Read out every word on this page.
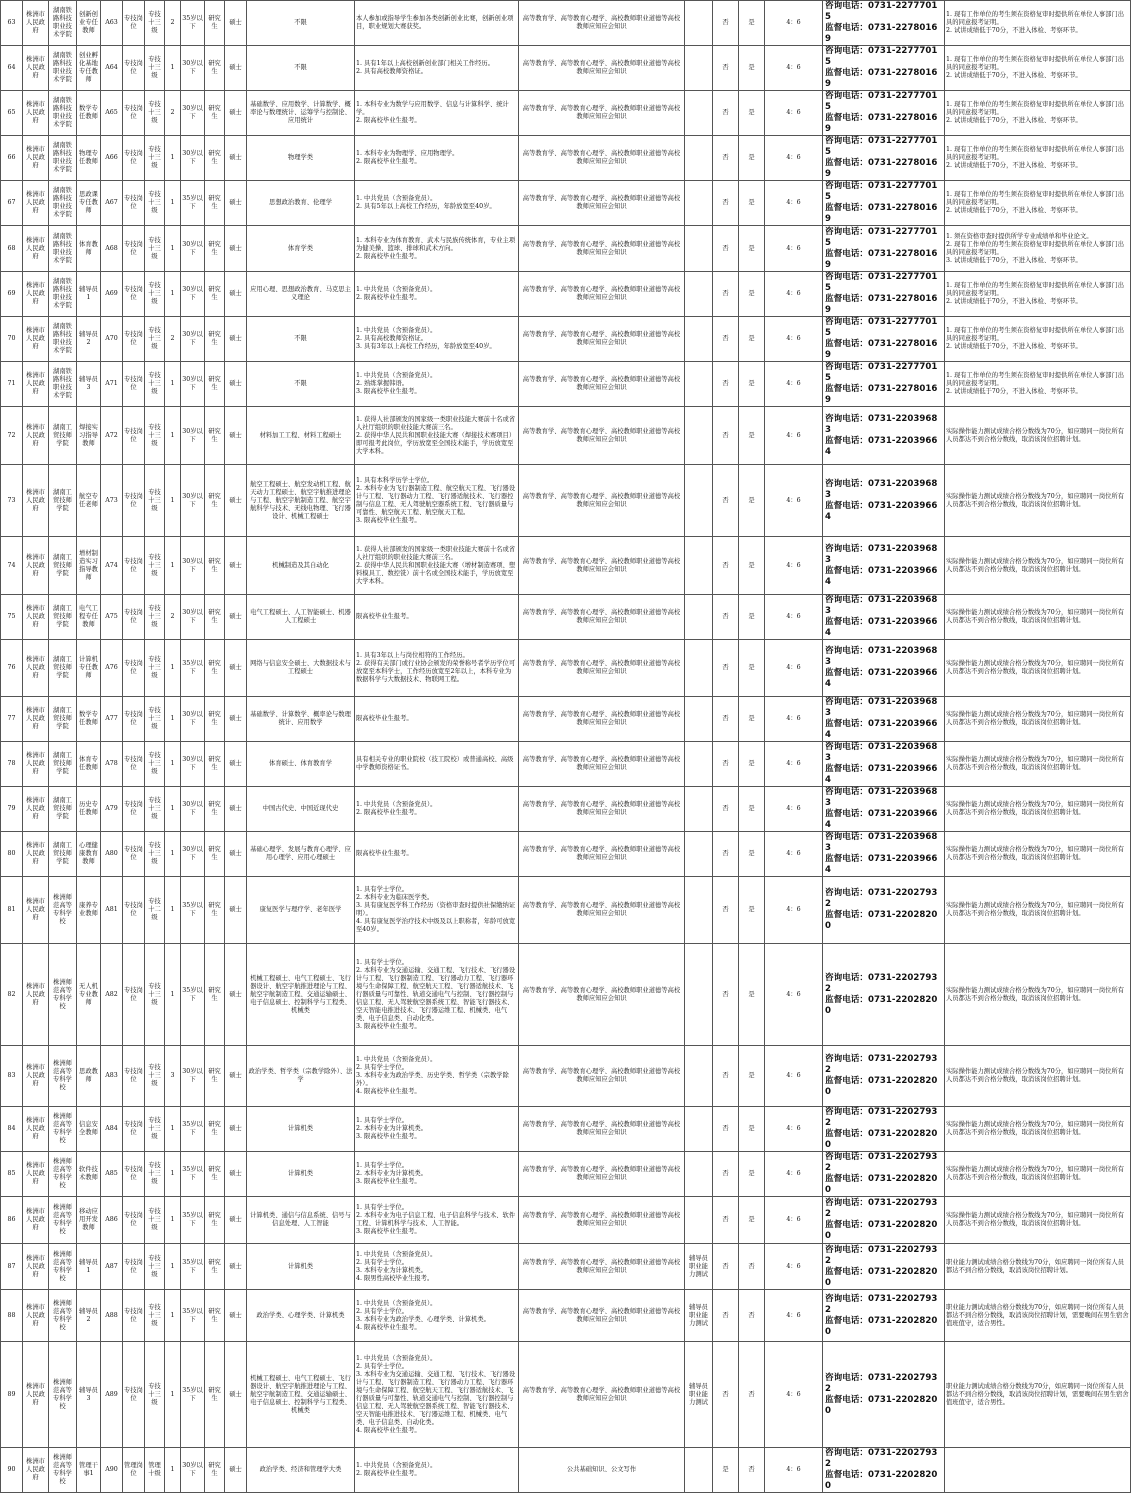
63	株洲市人民政府	湖南铁路科技职业技术学院	创新创业专任教师	A63	专技岗位	专技十三级	2	35岁以下	研究生	硕士	不限	本人参加或指导学生参加各类创新创业比赛，创新创业项目，职业规划大赛获奖。	高等教育学、高等教育心理学、高校教师职业道德等高校教师应知应会知识		否	是	4：6	咨询电话：0731-22777015
监督电话：0731-22780169	1. 现有工作单位的考生须在资格复审时提供所在单位人事部门出具的同意报考证明。
2. 试讲成绩低于70分，不进入体检、考察环节。

64	株洲市人民政府	湖南铁路科技职业技术学院	创业孵化基地专任教师	A64	专技岗位	专技十三级	1	30岁以下	研究生	硕士	不限	1. 具有1年以上高校创新创业部门相关工作经历。
2. 具有高校教师资格证。	高等教育学、高等教育心理学、高校教师职业道德等高校教师应知应会知识		否	是	4：6	咨询电话：0731-22777015
监督电话：0731-22780169	1. 现有工作单位的考生须在资格复审时提供所在单位人事部门出具的同意报考证明。
2. 试讲成绩低于70分，不进入体检、考察环节。

65	株洲市人民政府	湖南铁路科技职业技术学院	数学专任教师	A65	专技岗位	专技十三级	2	30岁以下	研究生	硕士	基础数学、应用数学、计算数学、概率论与数理统计、运筹学与控制论、应用统计	1. 本科专业为数学与应用数学、信息与计算科学、统计学。
2. 限高校毕业生报考。	高等教育学、高等教育心理学、高校教师职业道德等高校教师应知应会知识		否	是	4：6	咨询电话：0731-22777015
监督电话：0731-22780169	1. 现有工作单位的考生须在资格复审时提供所在单位人事部门出具的同意报考证明。
2. 试讲成绩低于70分，不进入体检、考察环节。

66	株洲市人民政府	湖南铁路科技职业技术学院	物理专任教师	A66	专技岗位	专技十三级	1	30岁以下	研究生	硕士	物理学类	1. 本科专业为物理学、应用物理学。
2. 限高校毕业生报考。	高等教育学、高等教育心理学、高校教师职业道德等高校教师应知应会知识		否	是	4：6	咨询电话：0731-22777015
监督电话：0731-22780169	1. 现有工作单位的考生须在资格复审时提供所在单位人事部门出具的同意报考证明。
2. 试讲成绩低于70分，不进入体检、考察环节。

67	株洲市人民政府	湖南铁路科技职业技术学院	思政课专任教师	A67	专技岗位	专技十三级	1	35岁以下	研究生	硕士	思想政治教育、伦理学	1. 中共党员（含预备党员）。
2. 具有5年以上高校工作经历，年龄放宽至40岁。	高等教育学、高等教育心理学、高校教师职业道德等高校教师应知应会知识		否	是	4：6	咨询电话：0731-22777015
监督电话：0731-22780169	1. 现有工作单位的考生须在资格复审时提供所在单位人事部门出具的同意报考证明。
2. 试讲成绩低于70分，不进入体检、考察环节。

68	株洲市人民政府	湖南铁路科技职业技术学院	体育教师	A68	专技岗位	专技十三级	1	30岁以下	研究生	硕士	体育学类	1. 本科专业为体育教育、武术与民族传统体育，专业主项为健美操、篮球、排球和武术方向。
2. 限高校毕业生报考。	高等教育学、高等教育心理学、高校教师职业道德等高校教师应知应会知识		否	是	4：6	咨询电话：0731-22777015
监督电话：0731-22780169	1. 须在资格审查时提供所学专业成绩单和毕业论文。
2. 现有工作单位的考生须在资格复审时提供所在单位人事部门出具的同意报考证明。
3. 试讲成绩低于70分，不进入体检、考察环节。

69	株洲市人民政府	湖南铁路科技职业技术学院	辅导员1	A69	专技岗位	专技十三级	1	30岁以下	研究生	硕士	应用心理、思想政治教育、马克思主义理论	1. 中共党员（含预备党员）。
2. 限高校毕业生报考。	高等教育学、高等教育心理学、高校教师职业道德等高校教师应知应会知识		否	是	4：6	咨询电话：0731-22777015
监督电话：0731-22780169	1. 现有工作单位的考生须在资格复审时提供所在单位人事部门出具的同意报考证明。
2. 试讲成绩低于70分，不进入体检、考察环节。

70	株洲市人民政府	湖南铁路科技职业技术学院	辅导员2	A70	专技岗位	专技十三级	2	30岁以下	研究生	硕士	不限	1. 中共党员（含预备党员）。
2. 具有高校教师资格证。
3. 具有3年以上高校工作经历，年龄放宽至40岁。	高等教育学、高等教育心理学、高校教师职业道德等高校教师应知应会知识		否	是	4：6	咨询电话：0731-22777015
监督电话：0731-22780169	1. 现有工作单位的考生须在资格复审时提供所在单位人事部门出具的同意报考证明。
2. 试讲成绩低于70分，不进入体检、考察环节。

71	株洲市人民政府	湖南铁路科技职业技术学院	辅导员3	A71	专技岗位	专技十三级	1	30岁以下	研究生	硕士	不限	1. 中共党员（含预备党员）。
2. 熟练掌握韩语。
3. 限高校毕业生报考。	高等教育学、高等教育心理学、高校教师职业道德等高校教师应知应会知识		否	是	4：6	咨询电话：0731-22777015
监督电话：0731-22780169	1. 现有工作单位的考生须在资格复审时提供所在单位人事部门出具的同意报考证明。
2. 试讲成绩低于70分，不进入体检、考察环节。

72	株洲市人民政府	湖南工贸技师学院	焊接实习指导教师	A72	专技岗位	专技十三级	1	30岁以下	研究生	硕士	材料加工工程、材料工程硕士	1. 获得人社部颁发的国家级一类职业技能大赛前十名或省人社厅组织的职业技能大赛前三名。
2. 获得中华人民共和国职业技能大赛（焊接技术赛项目）即可报考此岗位，学历放宽至全国技术能手，学历放宽至大学本科。	高等教育学、高等教育心理学、高校教师职业道德等高校教师应知应会知识		否	是	4：6	咨询电话：0731-22039683
监督电话：0731-22039664	实际操作能力测试成绩合格分数线为70分，如应聘同一岗位所有人员都达不到合格分数线，取消该岗位招聘计划。

73	株洲市人民政府	湖南工贸技师学院	航空专任老师	A73	专技岗位	专技十三级	1	30岁以下	研究生	硕士	航空工程硕士、航空发动机工程、航天动力工程硕士、航空宇航推进理论与工程、航空宇航制造工程、航空宇航科学与技术、无线电物理、飞行器设计、机械工程硕士	1. 具有本科学历学士学位。
2. 本科专业为飞行器制造工程、航空航天工程、飞行器设计与工程、飞行器动力工程、飞行器适航技术、飞行器控制与信息工程、无人驾驶航空器系统工程、飞行器质量与可靠性、航空航天工程、航空航天工程。
3. 限高校毕业生报考。	高等教育学、高等教育心理学、高校教师职业道德等高校教师应知应会知识		否	是	4：6	咨询电话：0731-22039683
监督电话：0731-22039664	实际操作能力测试成绩合格分数线为70分，如应聘同一岗位所有人员都达不到合格分数线，取消该岗位招聘计划。

74	株洲市人民政府	湖南工贸技师学院	增材制造实习指导教师	A74	专技岗位	专技十三级	1	30岁以下	研究生	硕士	机械制造及其自动化	1. 获得人社部颁发的国家级一类职业技能大赛前十名或省人社厅组织的职业技能大赛前三名。
2. 获得中华人民共和国职业技能大赛（增材制造赛项、塑料模具工、数控铣）前十名或全国技术能手，学历放宽至大学本科。	高等教育学、高等教育心理学、高校教师职业道德等高校教师应知应会知识		否	是	4：6	咨询电话：0731-22039683
监督电话：0731-22039664	实际操作能力测试成绩合格分数线为70分，如应聘同一岗位所有人员都达不到合格分数线，取消该岗位招聘计划。

75	株洲市人民政府	湖南工贸技师学院	电气工程专任教师	A75	专技岗位	专技十三级	2	30岁以下	研究生	硕士	电气工程硕士、人工智能硕士、机器人工程硕士	限高校毕业生报考。	高等教育学、高等教育心理学、高校教师职业道德等高校教师应知应会知识		否	是	4：6	咨询电话：0731-22039683
监督电话：0731-22039664	实际操作能力测试成绩合格分数线为70分，如应聘同一岗位所有人员都达不到合格分数线，取消该岗位招聘计划。

76	株洲市人民政府	湖南工贸技师学院	计算机专任教师	A76	专技岗位	专技十三级	1	35岁以下	研究生	硕士	网络与信息安全硕士、大数据技术与工程硕士	1. 具有3年以上与岗位相符的工作经历。
2. 获得有关部门或行业协会颁发的荣誉称号者学历学位可放宽至本科学士，工作经历放宽至2年以上，本科专业为数据科学与大数据技术、物联网工程。	高等教育学、高等教育心理学、高校教师职业道德等高校教师应知应会知识		否	是	4：6	咨询电话：0731-22039683
监督电话：0731-22039664	实际操作能力测试成绩合格分数线为70分，如应聘同一岗位所有人员都达不到合格分数线，取消该岗位招聘计划。

77	株洲市人民政府	湖南工贸技师学院	数学专任教师	A77	专技岗位	专技十三级	1	30岁以下	研究生	硕士	基础数学、计算数学、概率论与数理统计、应用数学	限高校毕业生报考。	高等教育学、高等教育心理学、高校教师职业道德等高校教师应知应会知识		否	是	4：6	咨询电话：0731-22039683
监督电话：0731-22039664	实际操作能力测试成绩合格分数线为70分，如应聘同一岗位所有人员都达不到合格分数线，取消该岗位招聘计划。

78	株洲市人民政府	湖南工贸技师学院	体育专任教师	A78	专技岗位	专技十三级	1	30岁以下	研究生	硕士	体育硕士、体育教育学	具有相关专业的职业院校（技工院校）或普通高校、高级中学教师资格证书。	高等教育学、高等教育心理学、高校教师职业道德等高校教师应知应会知识		否	是	4：6	咨询电话：0731-22039683
监督电话：0731-22039664	实际操作能力测试成绩合格分数线为70分，如应聘同一岗位所有人员都达不到合格分数线，取消该岗位招聘计划。

79	株洲市人民政府	湖南工贸技师学院	历史专任教师	A79	专技岗位	专技十三级	1	30岁以下	研究生	硕士	中国古代史、中国近现代史	1. 中共党员（含预备党员）。
2. 限高校毕业生报考。	高等教育学、高等教育心理学、高校教师职业道德等高校教师应知应会知识		否	是	4：6	咨询电话：0731-22039683
监督电话：0731-22039664	实际操作能力测试成绩合格分数线为70分，如应聘同一岗位所有人员都达不到合格分数线，取消该岗位招聘计划。

80	株洲市人民政府	湖南工贸技师学院	心理健康教育教师	A80	专技岗位	专技十三级	1	30岁以下	研究生	硕士	基础心理学、发展与教育心理学、应用心理学、应用心理硕士	限高校毕业生报考。	高等教育学、高等教育心理学、高校教师职业道德等高校教师应知应会知识		否	是	4：6	咨询电话：0731-22039683
监督电话：0731-22039664	实际操作能力测试成绩合格分数线为70分，如应聘同一岗位所有人员都达不到合格分数线，取消该岗位招聘计划。

81	株洲市人民政府	株洲师范高等专科学校	康养专业教师	A81	专技岗位	专技十二级	1	35岁以下	研究生	硕士	康复医学与理疗学、老年医学	1. 具有学士学位。
2. 本科专业为临床医学类。
3. 具有康复医学科工作经历（资格审查时提供社保缴纳证明）。
4. 具有康复医学治疗技术中级及以上职称者，年龄可放宽至40岁。	高等教育学、高等教育心理学、高校教师职业道德等高校教师应知应会知识		否	是	4：6	咨询电话：0731-22027932
监督电话：0731-22028200	实际操作能力测试成绩合格分数线为70分，如应聘同一岗位所有人员都达不到合格分数线，取消该岗位招聘计划。

82	株洲市人民政府	株洲师范高等专科学校	无人机专业教师	A82	专技岗位	专技十三级	1	35岁以下	研究生	硕士	机械工程硕士、电气工程硕士、飞行器设计、航空宇航推进理论与工程、航空宇航制造工程、交通运输硕士、电子信息硕士、控制科学与工程类、机械类	1. 具有学士学位。
2. 本科专业为交通运输、交通工程、飞行技术、飞行器设计与工程、飞行器制造工程、飞行器动力工程、飞行器环境与生命保障工程、航空航天工程、飞行器适航技术、飞行器质量与可靠性、轨道交通电气与控制、飞行器控制与信息工程、无人驾驶航空器系统工程、智能飞行器技术、空天智能电推进技术、飞行器运维工程、机械类、电气类、电子信息类、自动化类。
3. 限高校毕业生报考。	高等教育学、高等教育心理学、高校教师职业道德等高校教师应知应会知识		否	是	4：6	咨询电话：0731-22027932
监督电话：0731-22028200	实际操作能力测试成绩合格分数线为70分，如应聘同一岗位所有人员都达不到合格分数线，取消该岗位招聘计划。

83	株洲市人民政府	株洲师范高等专科学校	思政教师	A83	专技岗位	专技十三级	3	30岁以下	研究生	硕士	政治学类、哲学类（宗教学除外）、法学	1. 中共党员（含预备党员）。
2. 具有学士学位。
3. 本科专业为政治学类、历史学类、哲学类（宗教学除外）。
4. 限高校毕业生报考。	高等教育学、高等教育心理学、高校教师职业道德等高校教师应知应会知识		否	是	4：6	咨询电话：0731-22027932
监督电话：0731-22028200	实际操作能力测试成绩合格分数线为70分，如应聘同一岗位所有人员都达不到合格分数线，取消该岗位招聘计划。

84	株洲市人民政府	株洲师范高等专科学校	信息安全教师	A84	专技岗位	专技十三级	1	35岁以下	研究生	硕士	计算机类	1. 具有学士学位。
2. 本科专业为计算机类。
3. 限高校毕业生报考。	高等教育学、高等教育心理学、高校教师职业道德等高校教师应知应会知识		否	是	4：6	咨询电话：0731-22027932
监督电话：0731-22028200	实际操作能力测试成绩合格分数线为70分，如应聘同一岗位所有人员都达不到合格分数线，取消该岗位招聘计划。

85	株洲市人民政府	株洲师范高等专科学校	软件技术教师	A85	专技岗位	专技十三级	1	35岁以下	研究生	硕士	计算机类	1. 具有学士学位。
2. 本科专业为计算机类。
3. 限高校毕业生报考。	高等教育学、高等教育心理学、高校教师职业道德等高校教师应知应会知识		否	是	4：6	咨询电话：0731-22027932
监督电话：0731-22028200	实际操作能力测试成绩合格分数线为70分，如应聘同一岗位所有人员都达不到合格分数线，取消该岗位招聘计划。

86	株洲市人民政府	株洲师范高等专科学校	移动应用开发教师	A86	专技岗位	专技十三级	1	35岁以下	研究生	硕士	计算机类、通信与信息系统、信号与信息处理、人工智能	1. 具有学士学位。
2. 本科专业为电子信息工程、电子信息科学与技术、软件工程、计算机科学与技术、人工智能。
3. 限高校毕业生报考。	高等教育学、高等教育心理学、高校教师职业道德等高校教师应知应会知识		否	是	4：6	咨询电话：0731-22027932
监督电话：0731-22028200	实际操作能力测试成绩合格分数线为70分，如应聘同一岗位所有人员都达不到合格分数线，取消该岗位招聘计划。

87	株洲市人民政府	株洲师范高等专科学校	辅导员1	A87	专技岗位	专技十三级	1	35岁以下	研究生	硕士	计算机类	1. 中共党员（含预备党员）。
2. 具有学士学位。
3. 本科专业为计算机类。
4. 限男性高校毕业生报考。	高等教育学、高等教育心理学、高校教师职业道德等高校教师应知应会知识	辅导员职业能力测试	否	否	4：6	咨询电话：0731-22027932
监督电话：0731-22028200	职业能力测试成绩合格分数线为70分，如应聘同一岗位所有人员都达不到合格分数线，取消该岗位招聘计划。

88	株洲市人民政府	株洲师范高等专科学校	辅导员2	A88	专技岗位	专技十三级	1	35岁以下	研究生	硕士	政治学类、心理学类、计算机类	1. 中共党员（含预备党员）。
2. 具有学士学位。
3. 本科专业为政治学类、心理学类、计算机类。
4. 限高校毕业生报考。	高等教育学、高等教育心理学、高校教师职业道德等高校教师应知应会知识	辅导员职业能力测试	否	否	4：6	咨询电话：0731-22027932
监督电话：0731-22028200	职业能力测试成绩合格分数线为70分，如应聘同一岗位所有人员都达不到合格分数线，取消该岗位招聘计划，需要晚间在男生宿舍值班值守，适合男性。

89	株洲市人民政府	株洲师范高等专科学校	辅导员3	A89	专技岗位	专技十三级	1	35岁以下	研究生	硕士	机械工程硕士、电气工程硕士、飞行器设计、航空宇航推进理论与工程、航空宇航制造工程、交通运输硕士、电子信息硕士、控制科学与工程类、机械类	1. 中共党员（含预备党员）。
2. 具有学士学位。
3. 本科专业为交通运输、交通工程、飞行技术、飞行器设计与工程、飞行器制造工程、飞行器动力工程、飞行器环境与生命保障工程、航空航天工程、飞行器适航技术、飞行器质量与可靠性、轨道交通电气与控制、飞行器控制与信息工程、无人驾驶航空器系统工程、智能飞行器技术、空天智能电推进技术、飞行器运维工程、机械类、电气类、电子信息类、自动化类。
4. 限高校毕业生报考。	高等教育学、高等教育心理学、高校教师职业道德等高校教师应知应会知识	辅导员职业能力测试	否	否	4：6	咨询电话：0731-22027932
监督电话：0731-22028200	职业能力测试成绩合格分数线为70分，如应聘同一岗位所有人员都达不到合格分数线，取消该岗位招聘计划，需要晚间在男生宿舍值班值守，适合男性。

90	株洲市人民政府	株洲师范高等专科学校	管理干事1	A90	管理岗位	管理十级	1	30岁以下	研究生	硕士	政治学类、经济和管理学大类	1. 中共党员（含预备党员）。
2. 限高校毕业生报考。	公共基础知识、公文写作		是	否	4：6	咨询电话：0731-22027932
监督电话：0731-22028200	
